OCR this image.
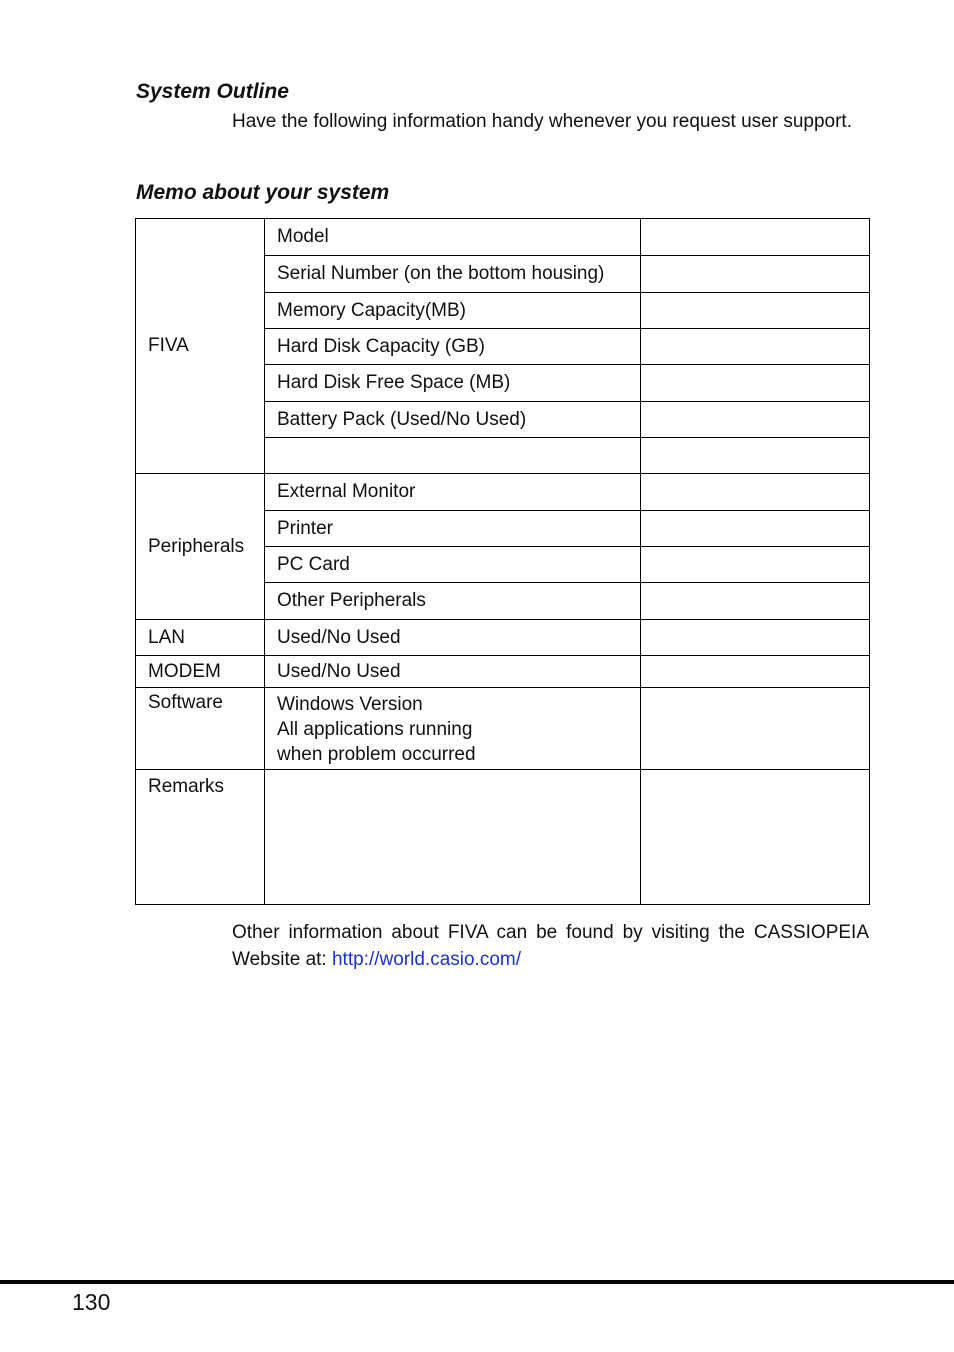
System Outline

Have the following information handy whenever you request user support.

Memo about your system
FIVA	Model	
	Serial Number (on the bottom housing)	
	Memory Capacity(MB)	
	Hard Disk Capacity (GB)	
	Hard Disk Free Space (MB)	
	Battery Pack (Used/No Used)	

Peripherals	External Monitor	
	Printer	
	PC Card	
	Other Peripherals	
LAN	Used/No Used	
MODEM	Used/No Used	
Software	Windows Version
All applications running
when problem occurred	

Remarks		

Other information about FIVA can be found by visiting the CASSIOPEIA Website at: http://world.casio.com/

130
